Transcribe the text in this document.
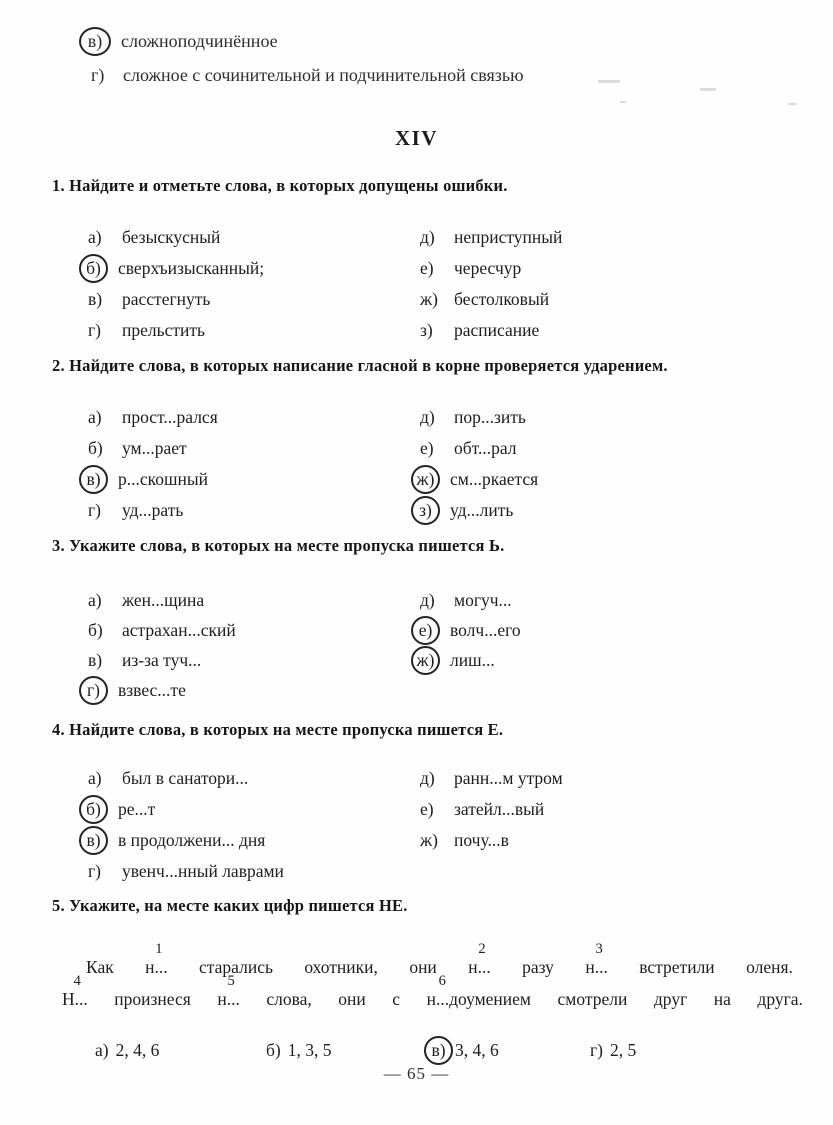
в)	сложноподчинённое
г)	сложное с сочинительной и подчинительной связью
XIV
1. Найдите и отметьте слова, в которых допущены ошибки.
а)	безыскусный
б) сверхъизысканный;
в)	расстегнуть
г)	прельстить
д)	неприступный
е)	чересчур
ж) бестолковый
з)	расписание
2. Найдите слова, в которых написание гласной в корне проверяется ударением.
а)	прост...рался
б)	ум...рает
в) р...скошный
г)	уд...рать
д)	пор...зить
е)	обт...рал
ж) см...ркается
з)	уд...лить
3. Укажите слова, в которых на месте пропуска пишется Ь.
а)	жен...щина
б)	астрахан...ский
в)	из-за туч...
г)	взвес...те
д)	могуч...
е)	волч...его
ж) лиш...
4. Найдите слова, в которых на месте пропуска пишется Е.
а)	был в санатори...
б) ре...т
в) в продолжени... дня
г)	увенч...нный лаврами
д)	ранн...м утром
е)	затейл...вый
ж) почу...в
5. Укажите, на месте каких цифр пишется НЕ.
Как
1
н... старались охотники, они
2
н... разу
3
н... встретили оленя.
4
Н... произнеся
5
н... слова, они с
6
н...доумением смотрели друг на друга.
а) 2, 4, 6	б) 1, 3, 5	в) 3, 4, 6	г) 2, 5
— 65 —
